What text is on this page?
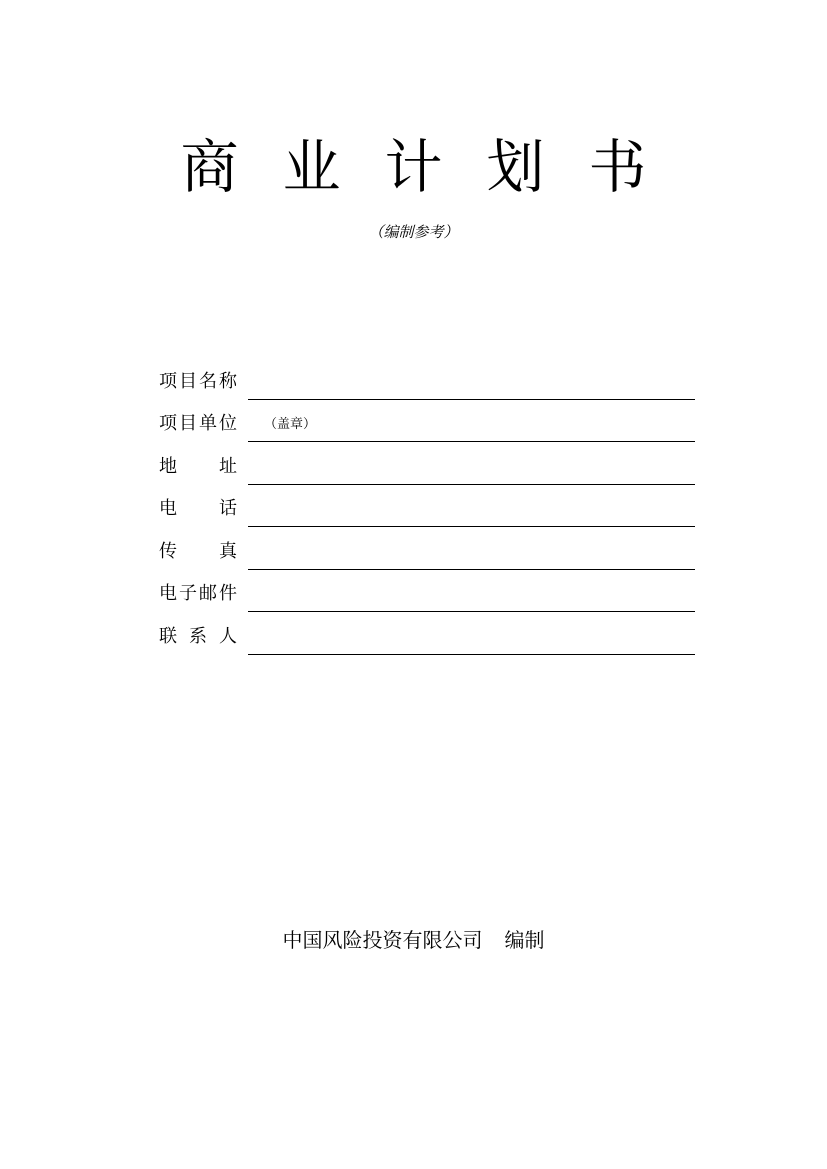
商 业 计 划 书
（编制参考）
项 目 名 称
项 目 单 位 （盖章）
地 址
电 话
传 真
电 子 邮 件
联 系 人
中国风险投资有限公司 编制
